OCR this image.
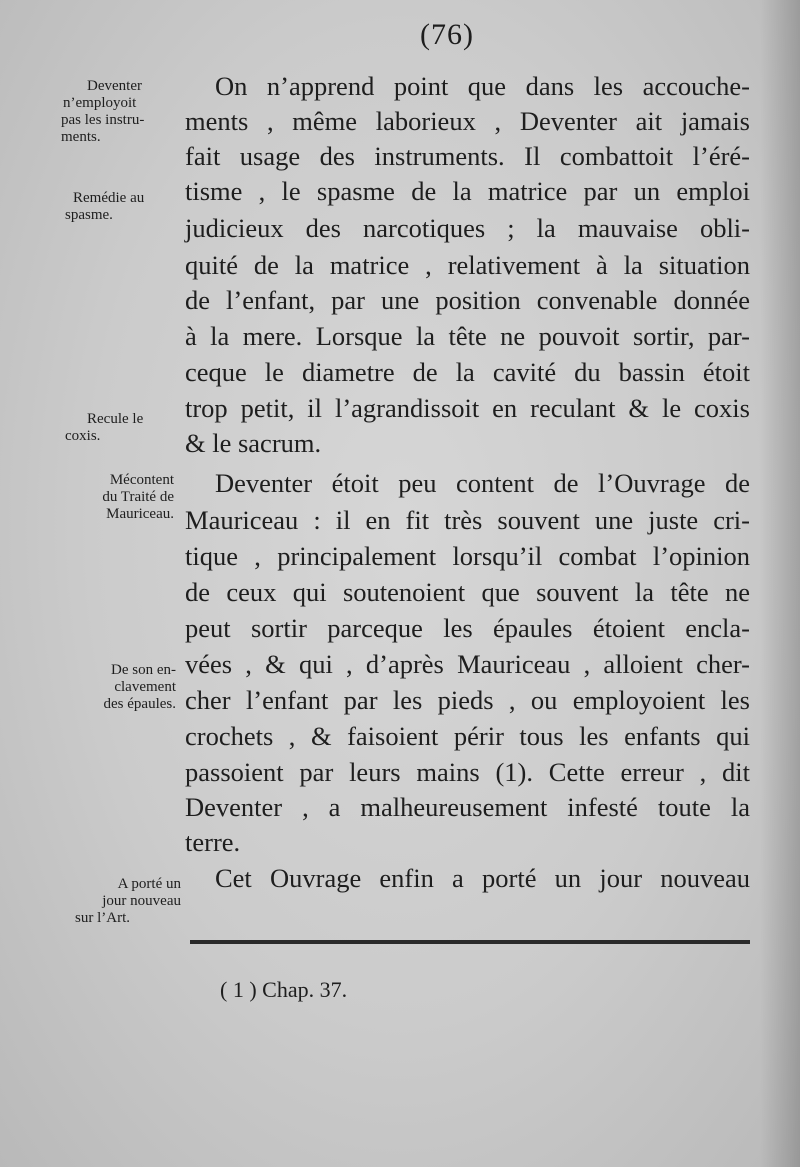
(76)
On n’apprend point que dans les accouche-
ments , même laborieux , Deventer ait jamais
fait usage des instruments. Il combattoit l’éré-
tisme , le spasme de la matrice par un emploi
judicieux des narcotiques ; la mauvaise obli-
quité de la matrice , relativement à la situation
de l’enfant, par une position convenable donnée
à la mere. Lorsque la tête ne pouvoit sortir, par-
ceque le diametre de la cavité du bassin étoit
trop petit, il l’agrandissoit en reculant & le coxis
& le sacrum.
Deventer étoit peu content de l’Ouvrage de
Mauriceau : il en fit très souvent une juste cri-
tique , principalement lorsqu’il combat l’opinion
de ceux qui soutenoient que souvent la tête ne
peut sortir parceque les épaules étoient encla-
vées , & qui , d’après Mauriceau , alloient cher-
cher l’enfant par les pieds , ou employoient les
crochets , & faisoient périr tous les enfants qui
passoient par leurs mains (1). Cette erreur , dit
Deventer , a malheureusement infesté toute la
terre.
Cet Ouvrage enfin a porté un jour nouveau
Deventer
n’employoit
pas les instru-
ments.
Remédie au
spasme.
Recule le
coxis.
Mécontent
du Traité de
Mauriceau.
De son en-
clavement
des épaules.
A porté un
jour nouveau
sur l’Art.
( 1 ) Chap. 37.
